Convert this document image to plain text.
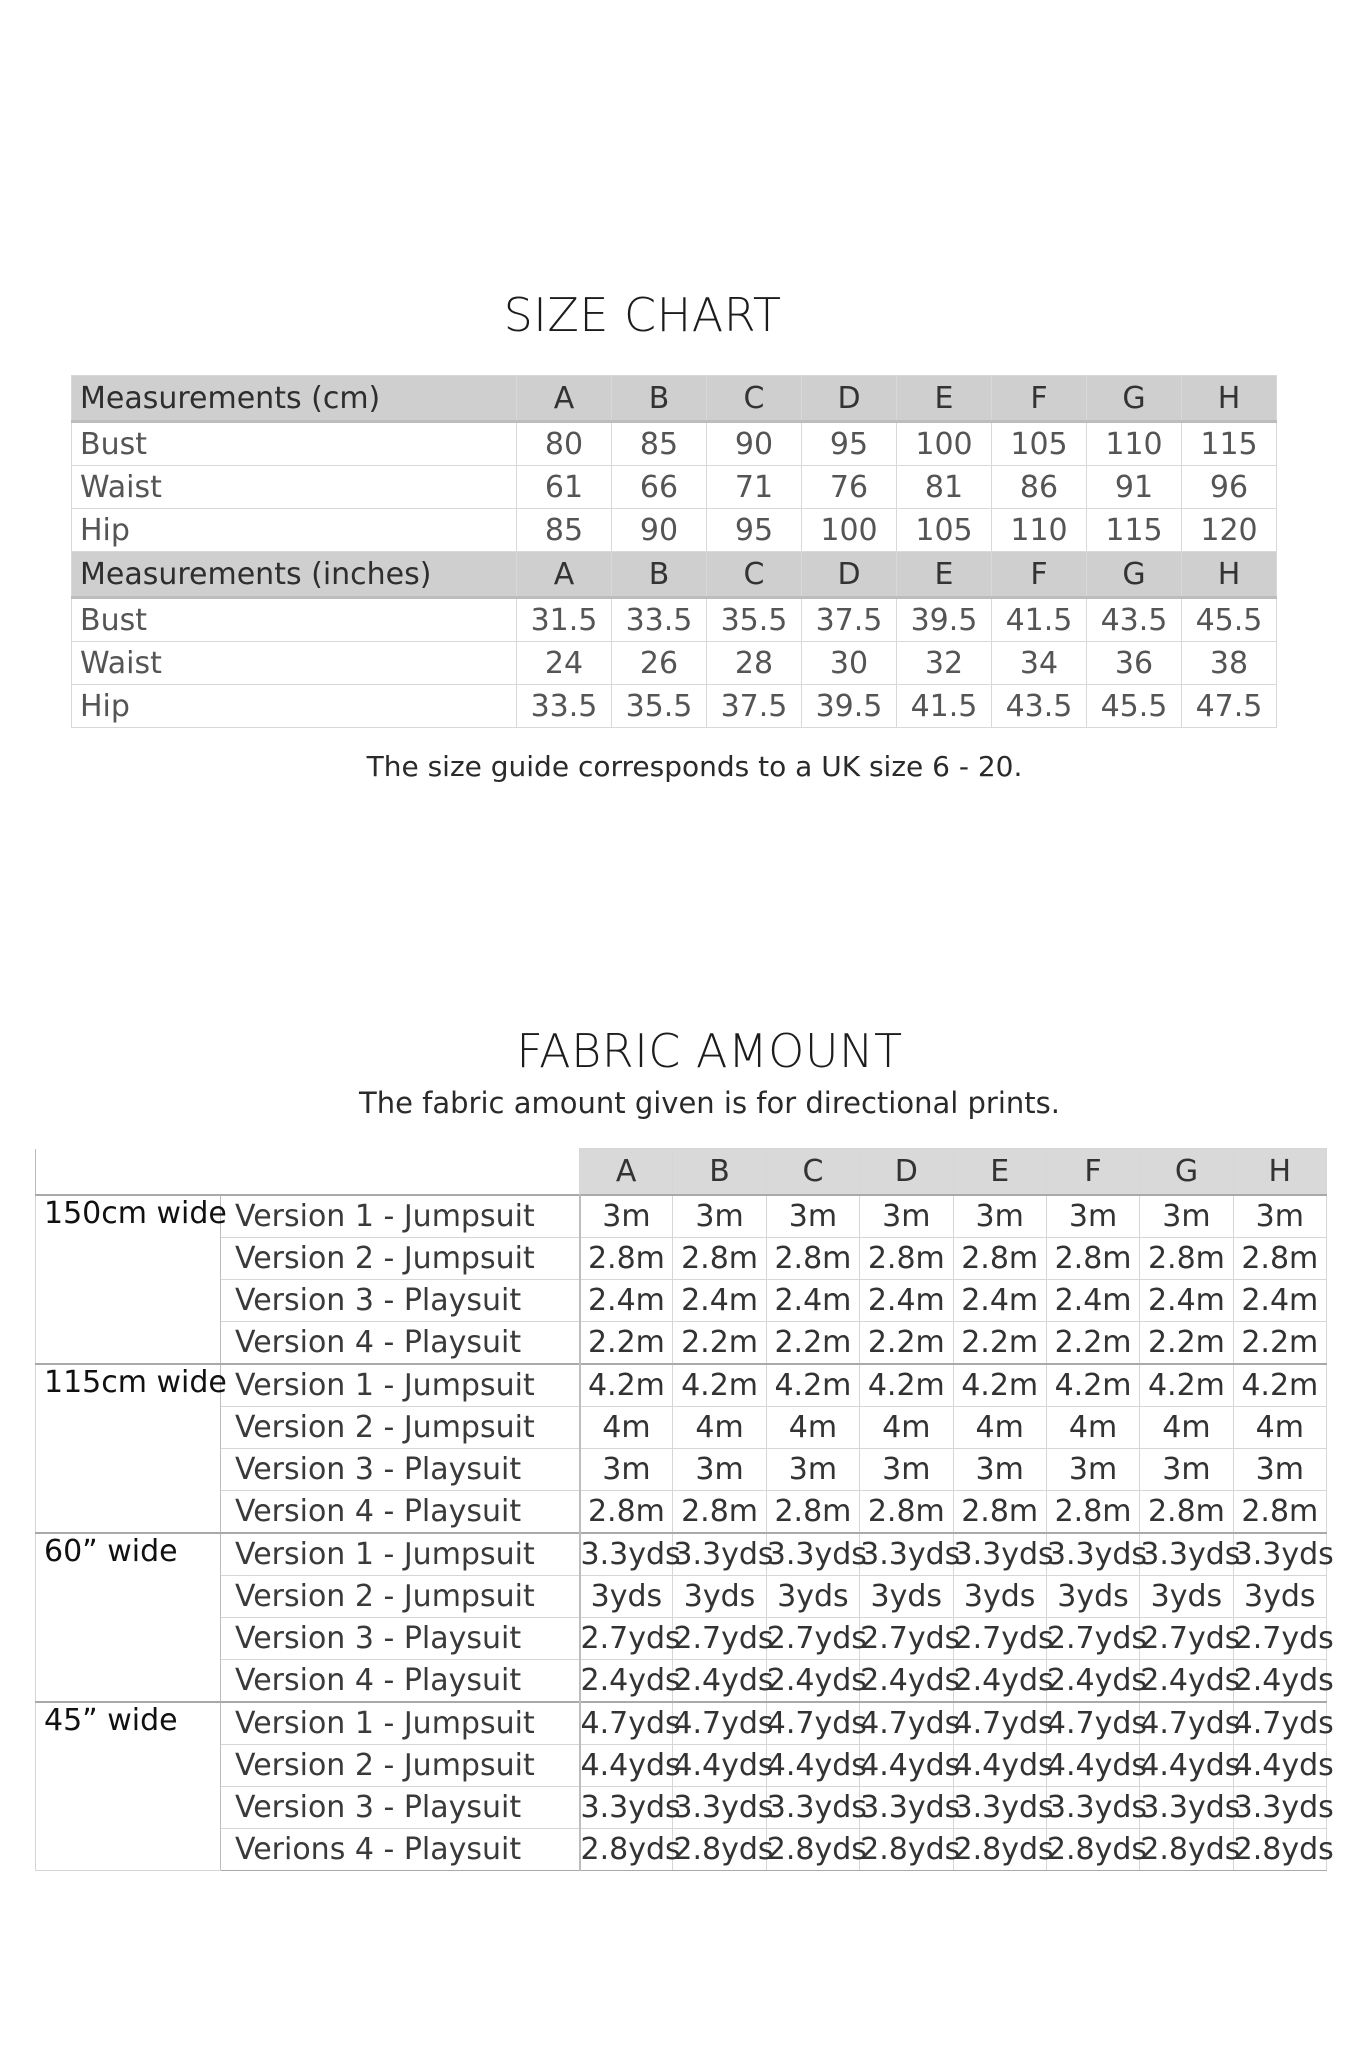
SIZE CHART
Measurements (cm)	A	B	C	D	E	F	G	H
Bust	80	85	90	95	100	105	110	115
Waist	61	66	71	76	81	86	91	96
Hip	85	90	95	100	105	110	115	120
Measurements (inches)	A	B	C	D	E	F	G	H
Bust	31.5	33.5	35.5	37.5	39.5	41.5	43.5	45.5
Waist	24	26	28	30	32	34	36	38
Hip	33.5	35.5	37.5	39.5	41.5	43.5	45.5	47.5
The size guide corresponds to a UK size 6 - 20.
FABRIC AMOUNT
The fabric amount given is for directional prints.
		A	B	C	D	E	F	G	H
150cm wide	Version 1 - Jumpsuit	3m	3m	3m	3m	3m	3m	3m	3m
	Version 2 - Jumpsuit	2.8m	2.8m	2.8m	2.8m	2.8m	2.8m	2.8m	2.8m
	Version 3 - Playsuit	2.4m	2.4m	2.4m	2.4m	2.4m	2.4m	2.4m	2.4m
	Version 4 - Playsuit	2.2m	2.2m	2.2m	2.2m	2.2m	2.2m	2.2m	2.2m
115cm wide	Version 1 - Jumpsuit	4.2m	4.2m	4.2m	4.2m	4.2m	4.2m	4.2m	4.2m
	Version 2 - Jumpsuit	4m	4m	4m	4m	4m	4m	4m	4m
	Version 3 - Playsuit	3m	3m	3m	3m	3m	3m	3m	3m
	Version 4 - Playsuit	2.8m	2.8m	2.8m	2.8m	2.8m	2.8m	2.8m	2.8m
60” wide	Version 1 - Jumpsuit	3.3yds	3.3yds	3.3yds	3.3yds	3.3yds	3.3yds	3.3yds	3.3yds
	Version 2 - Jumpsuit	3yds	3yds	3yds	3yds	3yds	3yds	3yds	3yds
	Version 3 - Playsuit	2.7yds	2.7yds	2.7yds	2.7yds	2.7yds	2.7yds	2.7yds	2.7yds
	Version 4 - Playsuit	2.4yds	2.4yds	2.4yds	2.4yds	2.4yds	2.4yds	2.4yds	2.4yds
45” wide	Version 1 - Jumpsuit	4.7yds	4.7yds	4.7yds	4.7yds	4.7yds	4.7yds	4.7yds	4.7yds
	Version 2 - Jumpsuit	4.4yds	4.4yds	4.4yds	4.4yds	4.4yds	4.4yds	4.4yds	4.4yds
	Version 3 - Playsuit	3.3yds	3.3yds	3.3yds	3.3yds	3.3yds	3.3yds	3.3yds	3.3yds
	Verions 4 - Playsuit	2.8yds	2.8yds	2.8yds	2.8yds	2.8yds	2.8yds	2.8yds	2.8yds
